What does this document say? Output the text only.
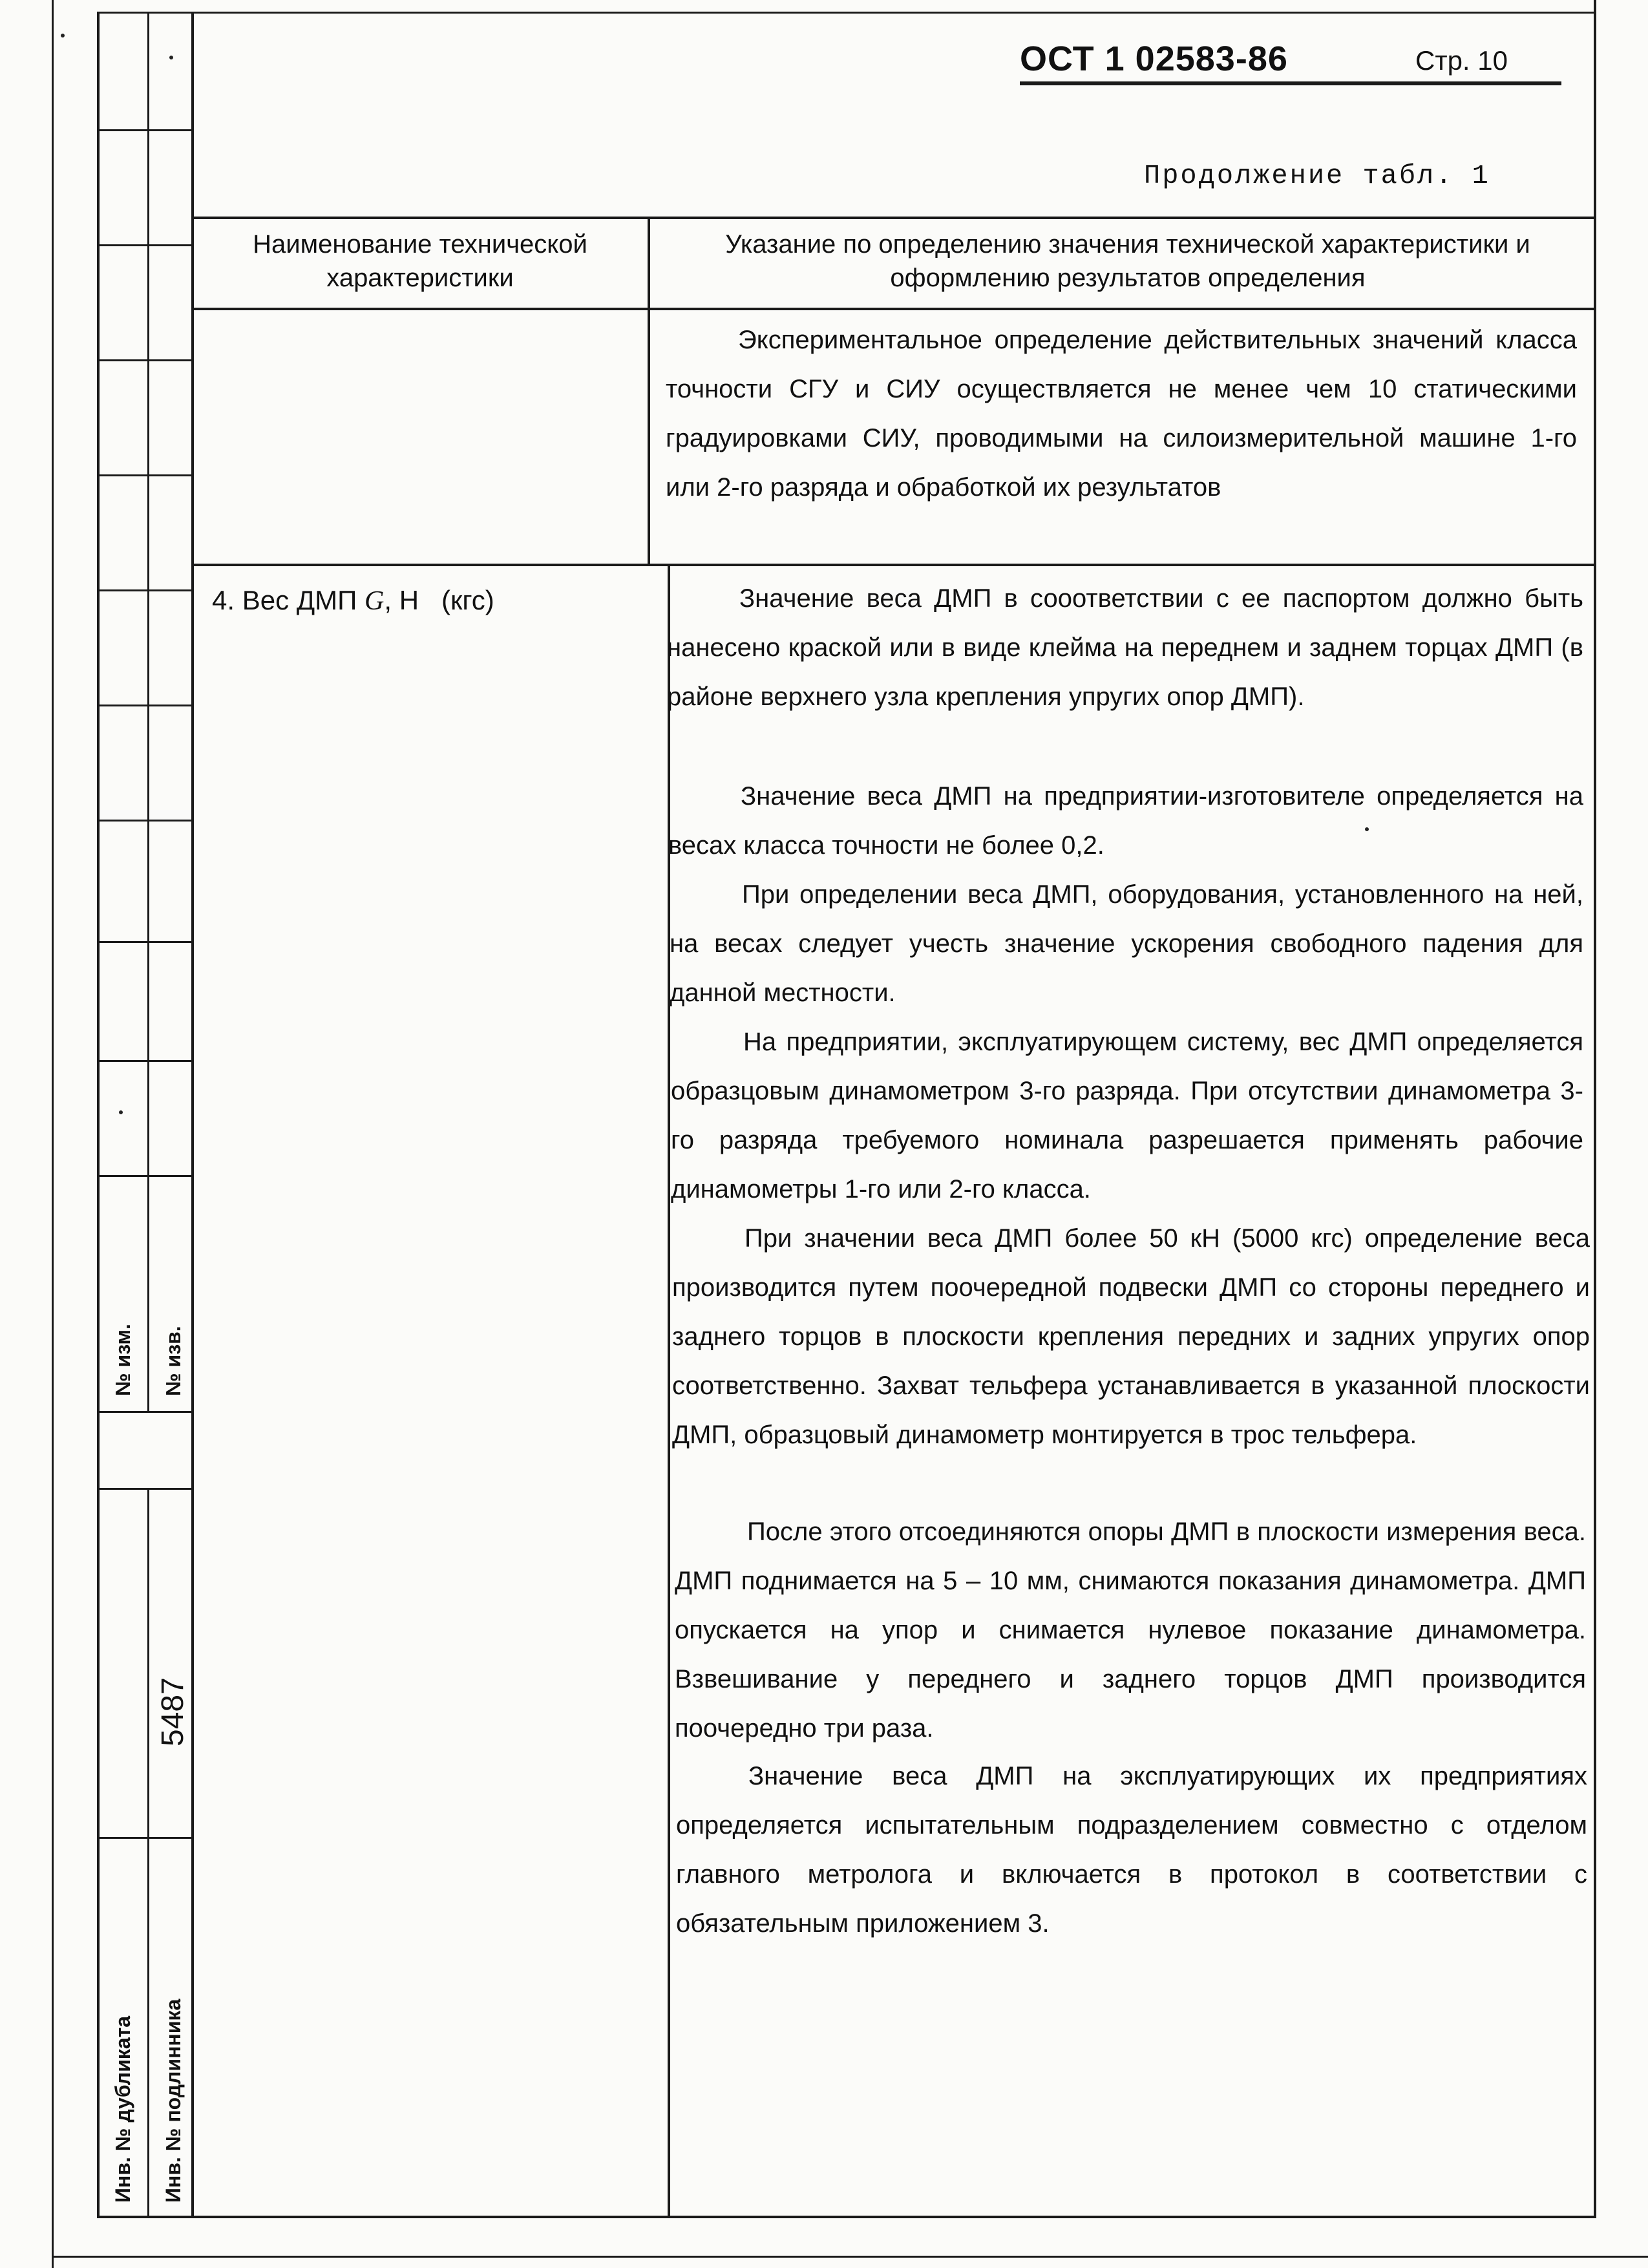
ОСТ 1 02583-86	Стр. 10
Продолжение табл. 1
Наименование технической характеристики
Указание по определению значения технической характеристики и оформлению результатов определения
Экспериментальное определение действительных значений класса точности СГУ и СИУ осуществляется не менее чем 10 статическими градуировками СИУ, проводимыми на силоизмерительной машине 1-го или 2-го разряда и обработкой их результатов
4. Вес ДМП G, Н   (кгс)	Значение веса ДМП в сооответствии с ее паспортом должно быть нанесено краской или в виде клейма на переднем и заднем торцах ДМП (в районе верхнего узла крепления упругих опор ДМП).
Значение веса ДМП на предприятии-изготовителе определяется на весах класса точности не более 0,2.
При определении веса ДМП, оборудования, установленного на ней, на весах следует учесть значение ускорения свободного падения для данной местности.
На предприятии, эксплуатирующем систему, вес ДМП определяется образцовым динамометром 3-го разряда. При отсутствии динамометра 3-го разряда требуемого номинала разрешается применять рабочие динамометры 1-го или 2-го класса.
При значении веса ДМП более 50 кН (5000 кгс) определение веса производится путем поочередной подвески ДМП со стороны переднего и заднего торцов в плоскости крепления передних и задних упругих опор соответственно. Захват тельфера устанавливается в указанной плоскости ДМП, образцовый динамометр монтируется в трос тельфера.
После этого отсоединяются опоры ДМП в плоскости измерения веса. ДМП поднимается на 5 – 10 мм, снимаются показания динамометра. ДМП опускается на упор и снимается нулевое показание динамометра. Взвешивание у переднего и заднего торцов ДМП производится поочередно три раза.
Значение веса ДМП на эксплуатирующих их предприятиях определяется испытательным подразделением совместно с отделом главного метролога и включается в протокол в соответствии с обязательным приложением 3.
№ изм. № изв.
Инв. № дубликата Инв. № подлинника
5487
